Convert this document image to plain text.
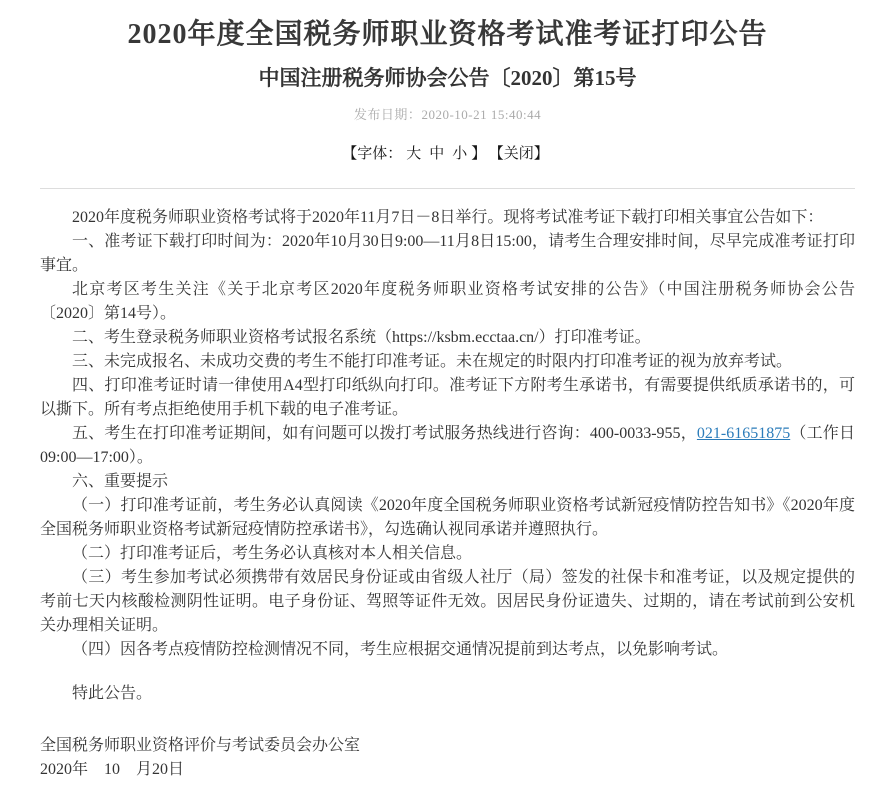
2020年度全国税务师职业资格考试准考证打印公告
中国注册税务师协会公告〔2020〕第15号
发布日期：2020-10-21 15:40:44
【字体： 大 中 小 】 【关闭】

2020年度税务师职业资格考试将于2020年11月7日－8日举行。现将考试准考证下载打印相关事宜公告如下：

一、准考证下载打印时间为：2020年10月30日9:00—11月8日15:00，请考生合理安排时间，尽早完成准考证打印事宜。

北京考区考生关注《关于北京考区2020年度税务师职业资格考试安排的公告》（中国注册税务师协会公告〔2020〕第14号）。

二、考生登录税务师职业资格考试报名系统（https://ksbm.ecctaa.cn/）打印准考证。

三、未完成报名、未成功交费的考生不能打印准考证。未在规定的时限内打印准考证的视为放弃考试。

四、打印准考证时请一律使用A4型打印纸纵向打印。准考证下方附考生承诺书，有需要提供纸质承诺书的，可以撕下。所有考点拒绝使用手机下载的电子准考证。

五、考生在打印准考证期间，如有问题可以拨打考试服务热线进行咨询：400-0033-955，021-61651875（工作日09:00—17:00）。

六、重要提示

（一）打印准考证前，考生务必认真阅读《2020年度全国税务师职业资格考试新冠疫情防控告知书》《2020年度全国税务师职业资格考试新冠疫情防控承诺书》，勾选确认视同承诺并遵照执行。

（二）打印准考证后，考生务必认真核对本人相关信息。

（三）考生参加考试必须携带有效居民身份证或由省级人社厅（局）签发的社保卡和准考证，以及规定提供的考前七天内核酸检测阴性证明。电子身份证、驾照等证件无效。因居民身份证遗失、过期的，请在考试前到公安机关办理相关证明。

（四）因各考点疫情防控检测情况不同，考生应根据交通情况提前到达考点，以免影响考试。

特此公告。

全国税务师职业资格评价与考试委员会办公室

2020年　10　月20日
